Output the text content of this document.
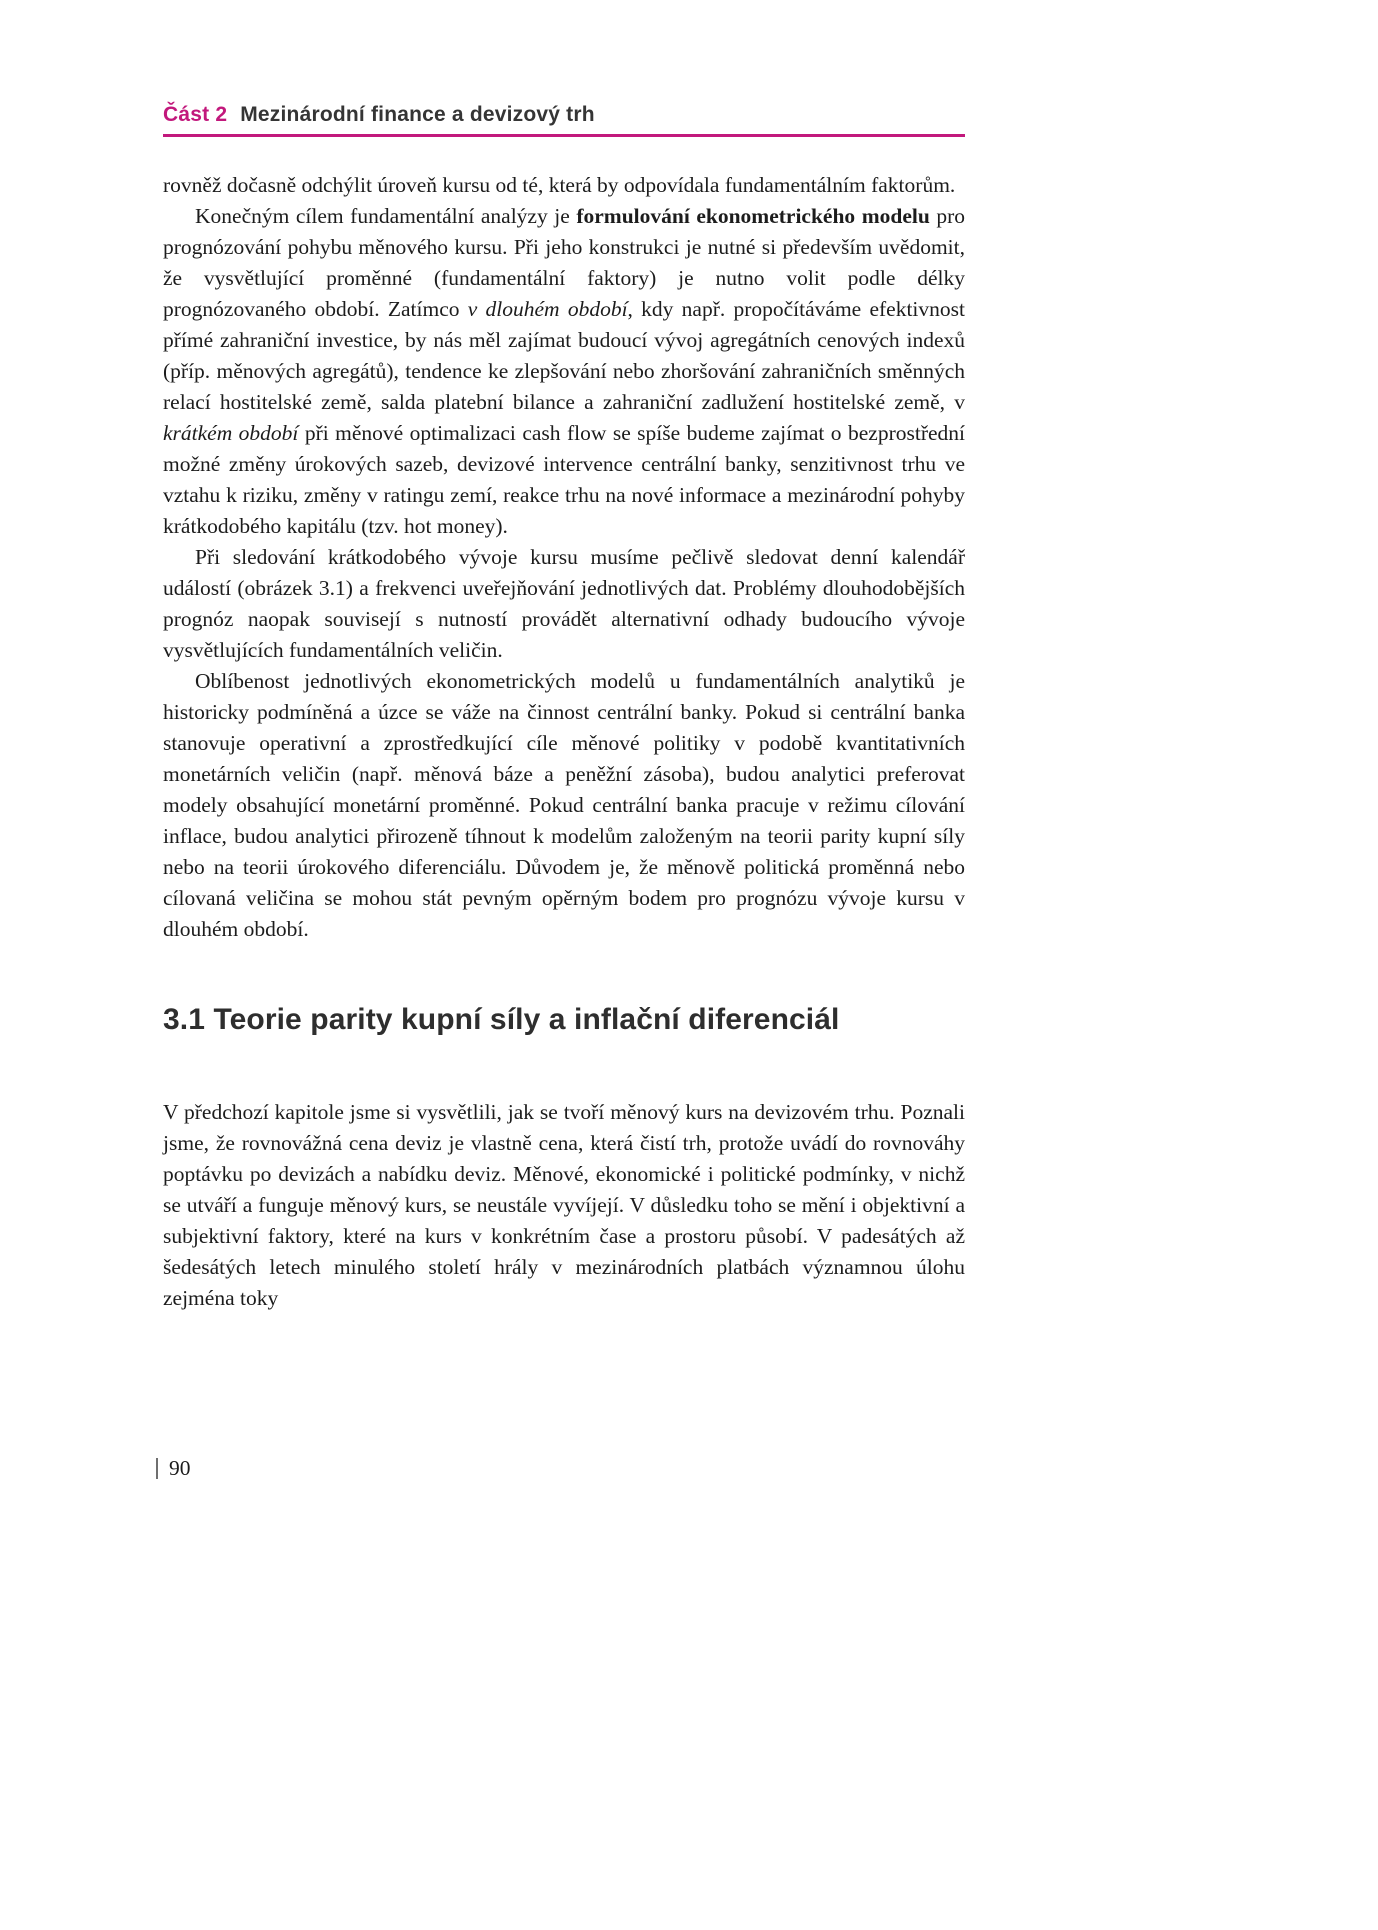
Část 2 Mezinárodní finance a devizový trh

rovněž dočasně odchýlit úroveň kursu od té, která by odpovídala fundamentálním faktorům.

Konečným cílem fundamentální analýzy je formulování ekonometrického modelu pro prognózování pohybu měnového kursu. Při jeho konstrukci je nutné si především uvědomit, že vysvětlující proměnné (fundamentální faktory) je nutno volit podle délky prognózovaného období. Zatímco v dlouhém období, kdy např. propočítáváme efektivnost přímé zahraniční investice, by nás měl zajímat budoucí vývoj agregátních cenových indexů (příp. měnových agregátů), tendence ke zlepšování nebo zhoršování zahraničních směnných relací hostitelské země, salda platební bilance a zahraniční zadlužení hostitelské země, v krátkém období při měnové optimalizaci cash flow se spíše budeme zajímat o bezprostřední možné změny úrokových sazeb, devizové intervence centrální banky, senzitivnost trhu ve vztahu k riziku, změny v ratingu zemí, reakce trhu na nové informace a mezinárodní pohyby krátkodobého kapitálu (tzv. hot money).

Při sledování krátkodobého vývoje kursu musíme pečlivě sledovat denní kalendář událostí (obrázek 3.1) a frekvenci uveřejňování jednotlivých dat. Problémy dlouhodobějších prognóz naopak souvisejí s nutností provádět alternativní odhady budoucího vývoje vysvětlujících fundamentálních veličin.

Oblíbenost jednotlivých ekonometrických modelů u fundamentálních analytiků je historicky podmíněná a úzce se váže na činnost centrální banky. Pokud si centrální banka stanovuje operativní a zprostředkující cíle měnové politiky v podobě kvantitativních monetárních veličin (např. měnová báze a peněžní zásoba), budou analytici preferovat modely obsahující monetární proměnné. Pokud centrální banka pracuje v režimu cílování inflace, budou analytici přirozeně tíhnout k modelům založeným na teorii parity kupní síly nebo na teorii úrokového diferenciálu. Důvodem je, že měnově politická proměnná nebo cílovaná veličina se mohou stát pevným opěrným bodem pro prognózu vývoje kursu v dlouhém období.

3.1 Teorie parity kupní síly a inflační diferenciál

V předchozí kapitole jsme si vysvětlili, jak se tvoří měnový kurs na devizovém trhu. Poznali jsme, že rovnovážná cena deviz je vlastně cena, která čistí trh, protože uvádí do rovnováhy poptávku po devizách a nabídku deviz. Měnové, ekonomické i politické podmínky, v nichž se utváří a funguje měnový kurs, se neustále vyvíjejí. V důsledku toho se mění i objektivní a subjektivní faktory, které na kurs v konkrétním čase a prostoru působí. V padesátých až šedesátých letech minulého století hrály v mezinárodních platbách významnou úlohu zejména toky

90
